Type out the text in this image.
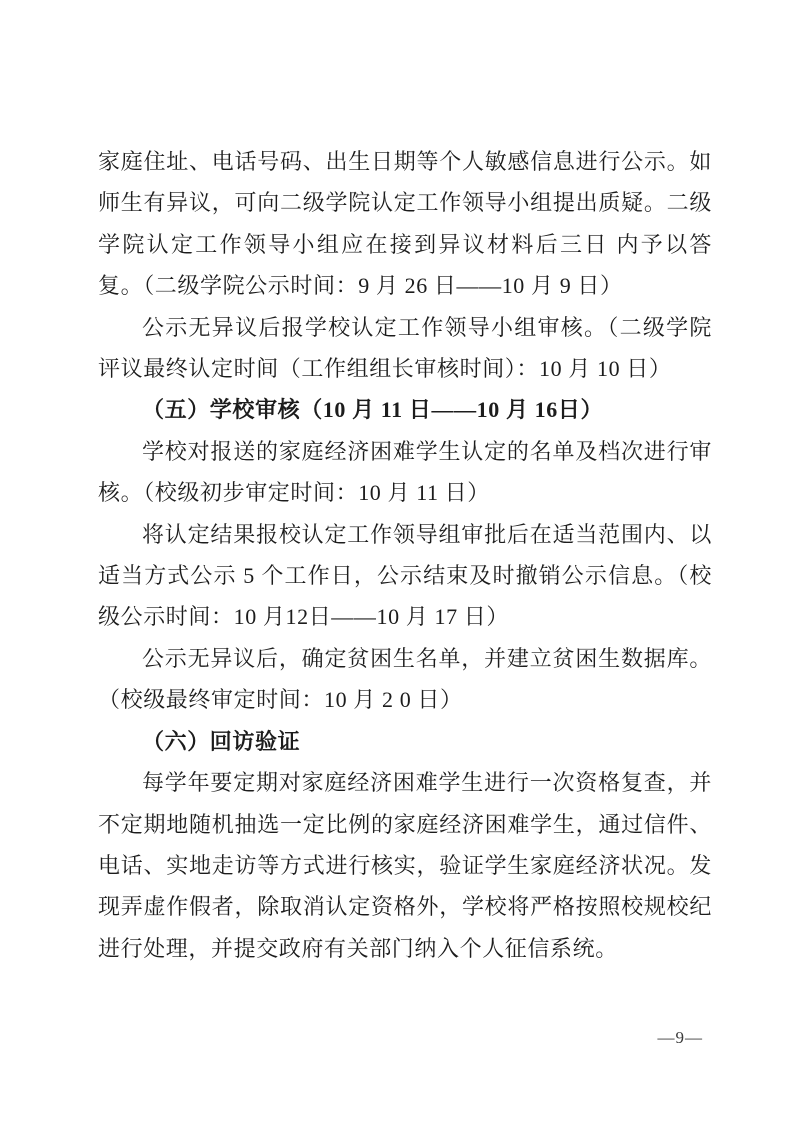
家庭住址、电话号码、出生日期等个人敏感信息进行公示。如师生有异议，可向二级学院认定工作领导小组提出质疑。二级学院认定工作领导小组应在接到异议材料后三日 内予以答复。（二级学院公示时间：9 月 26 日——10 月 9 日）

公示无异议后报学校认定工作领导小组审核。（二级学院评议最终认定时间（工作组组长审核时间）：10 月 10 日）

（五）学校审核（10 月 11 日——10 月 16日）

学校对报送的家庭经济困难学生认定的名单及档次进行审核。（校级初步审定时间：10 月 11 日）

将认定结果报校认定工作领导组审批后在适当范围内、以适当方式公示 5 个工作日，公示结束及时撤销公示信息。（校级公示时间：10 月12日——10 月 17 日）

公示无异议后，确定贫困生名单，并建立贫困生数据库。（校级最终审定时间：10 月 2 0 日）

（六）回访验证

每学年要定期对家庭经济困难学生进行一次资格复查，并不定期地随机抽选一定比例的家庭经济困难学生，通过信件、电话、实地走访等方式进行核实，验证学生家庭经济状况。发现弄虚作假者，除取消认定资格外，学校将严格按照校规校纪进行处理，并提交政府有关部门纳入个人征信系统。

—9—
